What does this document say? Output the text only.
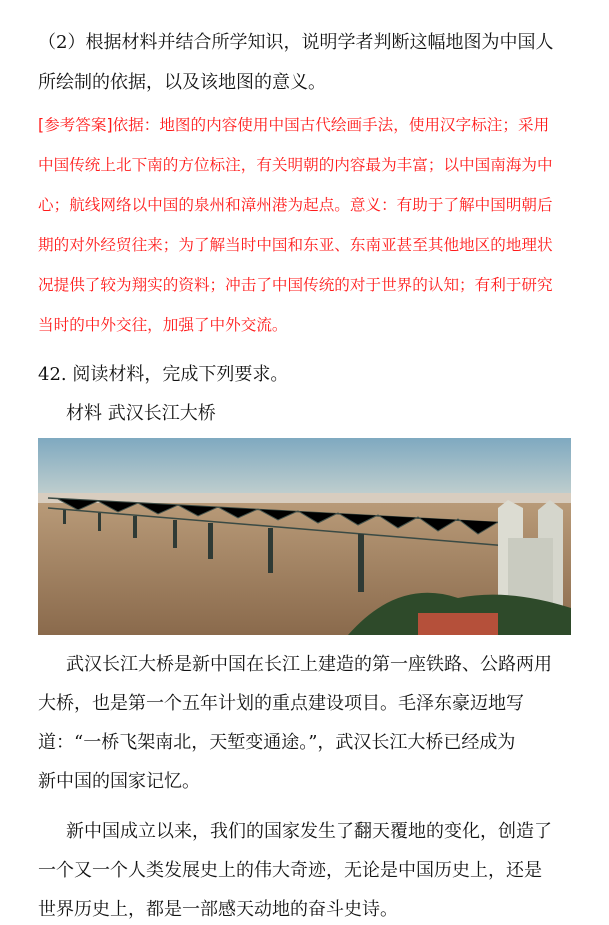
（2）根据材料并结合所学知识，说明学者判断这幅地图为中国人
所绘制的依据，以及该地图的意义。
[参考答案]依据：地图的内容使用中国古代绘画手法，使用汉字标注；采用
中国传统上北下南的方位标注，有关明朝的内容最为丰富；以中国南海为中
心；航线网络以中国的泉州和漳州港为起点。意义：有助于了解中国明朝后
期的对外经贸往来；为了解当时中国和东亚、东南亚甚至其他地区的地理状
况提供了较为翔实的资料；冲击了中国传统的对于世界的认知；有利于研究
当时的中外交往，加强了中外交流。
42. 阅读材料，完成下列要求。
材料 武汉长江大桥
武汉长江大桥是新中国在长江上建造的第一座铁路、公路两用
大桥，也是第一个五年计划的重点建设项目。毛泽东豪迈地写
道：“一桥飞架南北，天堑变通途。”，武汉长江大桥已经成为
新中国的国家记忆。
新中国成立以来，我们的国家发生了翻天覆地的变化，创造了
一个又一个人类发展史上的伟大奇迹，无论是中国历史上，还是
世界历史上，都是一部感天动地的奋斗史诗。
